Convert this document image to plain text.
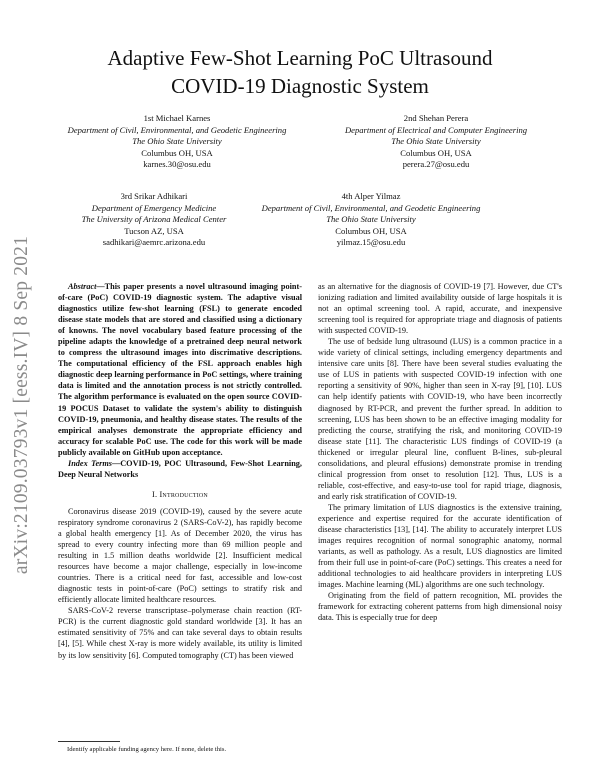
arXiv:2109.03793v1 [eess.IV] 8 Sep 2021
Adaptive Few-Shot Learning PoC Ultrasound
COVID-19 Diagnostic System
1st Michael Karnes
Department of Civil, Environmental, and Geodetic Engineering
The Ohio State University
Columbus OH, USA
karnes.30@osu.edu
2nd Shehan Perera
Department of Electrical and Computer Engineering
The Ohio State University
Columbus OH, USA
perera.27@osu.edu
3rd Srikar Adhikari
Department of Emergency Medicine
The University of Arizona Medical Center
Tucson AZ, USA
sadhikari@aemrc.arizona.edu
4th Alper Yilmaz
Department of Civil, Environmental, and Geodetic Engineering
The Ohio State University
Columbus OH, USA
yilmaz.15@osu.edu

Abstract—This paper presents a novel ultrasound imaging point-of-care (PoC) COVID-19 diagnostic system. The adaptive visual diagnostics utilize few-shot learning (FSL) to generate encoded disease state models that are stored and classified using a dictionary of knowns. The novel vocabulary based feature processing of the pipeline adapts the knowledge of a pretrained deep neural network to compress the ultrasound images into discrimative descriptions. The computational efficiency of the FSL approach enables high diagnostic deep learning performance in PoC settings, where training data is limited and the annotation process is not strictly controlled. The algorithm performance is evaluated on the open source COVID-19 POCUS Dataset to validate the system's ability to distinguish COVID-19, pneumonia, and healthy disease states. The results of the empirical analyses demonstrate the appropriate efficiency and accuracy for scalable PoC use. The code for this work will be made publicly available on GitHub upon acceptance.

Index Terms—COVID-19, POC Ultrasound, Few-Shot Learning, Deep Neural Networks

I. Introduction

Coronavirus disease 2019 (COVID-19), caused by the severe acute respiratory syndrome coronavirus 2 (SARS-CoV-2), has rapidly become a global health emergency [1]. As of December 2020, the virus has spread to every country infecting more than 69 million people and resulting in 1.5 million deaths worldwide [2]. Insufficient medical resources have become a major challenge, especially in low-income countries. There is a critical need for fast, accessible and low-cost diagnostic tests in point-of-care (PoC) settings to stratify risk and efficiently allocate limited healthcare resources.

SARS-CoV-2 reverse transcriptase–polymerase chain reaction (RT-PCR) is the current diagnostic gold standard worldwide [3]. It has an estimated sensitivity of 75% and can take several days to obtain results [4], [5]. While chest X-ray is more widely available, its utility is limited by its low sensitivity [6]. Computed tomography (CT) has been viewed

as an alternative for the diagnosis of COVID-19 [7]. However, due CT's ionizing radiation and limited availability outside of large hospitals it is not an optimal screening tool. A rapid, accurate, and inexpensive screening tool is required for appropriate triage and diagnosis of patients with suspected COVID-19.

The use of bedside lung ultrasound (LUS) is a common practice in a wide variety of clinical settings, including emergency departments and intensive care units [8]. There have been several studies evaluating the use of LUS in patients with suspected COVID-19 infection with one reporting a sensitivity of 90%, higher than seen in X-ray [9], [10]. LUS can help identify patients with COVID-19, who have been incorrectly diagnosed by RT-PCR, and prevent the further spread. In addition to screening, LUS has been shown to be an effective imaging modality for predicting the course, stratifying the risk, and monitoring COVID-19 disease state [11]. The characteristic LUS findings of COVID-19 (a thickened or irregular pleural line, confluent B-lines, sub-pleural consolidations, and pleural effusions) demonstrate promise in trending clinical progression from onset to resolution [12]. Thus, LUS is a reliable, cost-effective, and easy-to-use tool for rapid triage, diagnosis, and early risk stratification of COVID-19.

The primary limitation of LUS diagnostics is the extensive training, experience and expertise required for the accurate identification of disease characteristics [13], [14]. The ability to accurately interpret LUS images requires recognition of normal sonographic anatomy, normal variants, as well as pathology. As a result, LUS diagnostics are limited from their full use in point-of-care (PoC) settings. This creates a need for additional technologies to aid healthcare providers in interpreting LUS images. Machine learning (ML) algorithms are one such technology.

Originating from the field of pattern recognition, ML provides the framework for extracting coherent patterns from high dimensional noisy data. This is especially true for deep

Identify applicable funding agency here. If none, delete this.
